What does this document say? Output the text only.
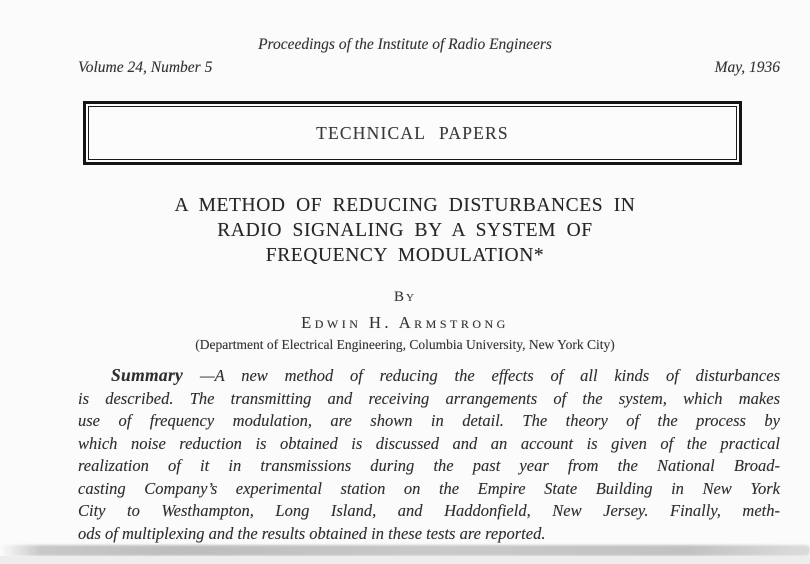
Proceedings of the Institute of Radio Engineers
Volume 24, Number 5	May, 1936
TECHNICAL PAPERS
A METHOD OF REDUCING DISTURBANCES IN
RADIO SIGNALING BY A SYSTEM OF
FREQUENCY MODULATION*
By
Edwin H. Armstrong
(Department of Electrical Engineering, Columbia University, New York City)

Summary —A new method of reducing the effects of all kinds of disturbances
is described. The transmitting and receiving arrangements of the system, which makes
use of frequency modulation, are shown in detail. The theory of the process by
which noise reduction is obtained is discussed and an account is given of the practical
realization of it in transmissions during the past year from the National Broad-
casting Company’s experimental station on the Empire State Building in New York
City to Westhampton, Long Island, and Haddonfield, New Jersey. Finally, meth-
ods of multiplexing and the results obtained in these tests are reported.
